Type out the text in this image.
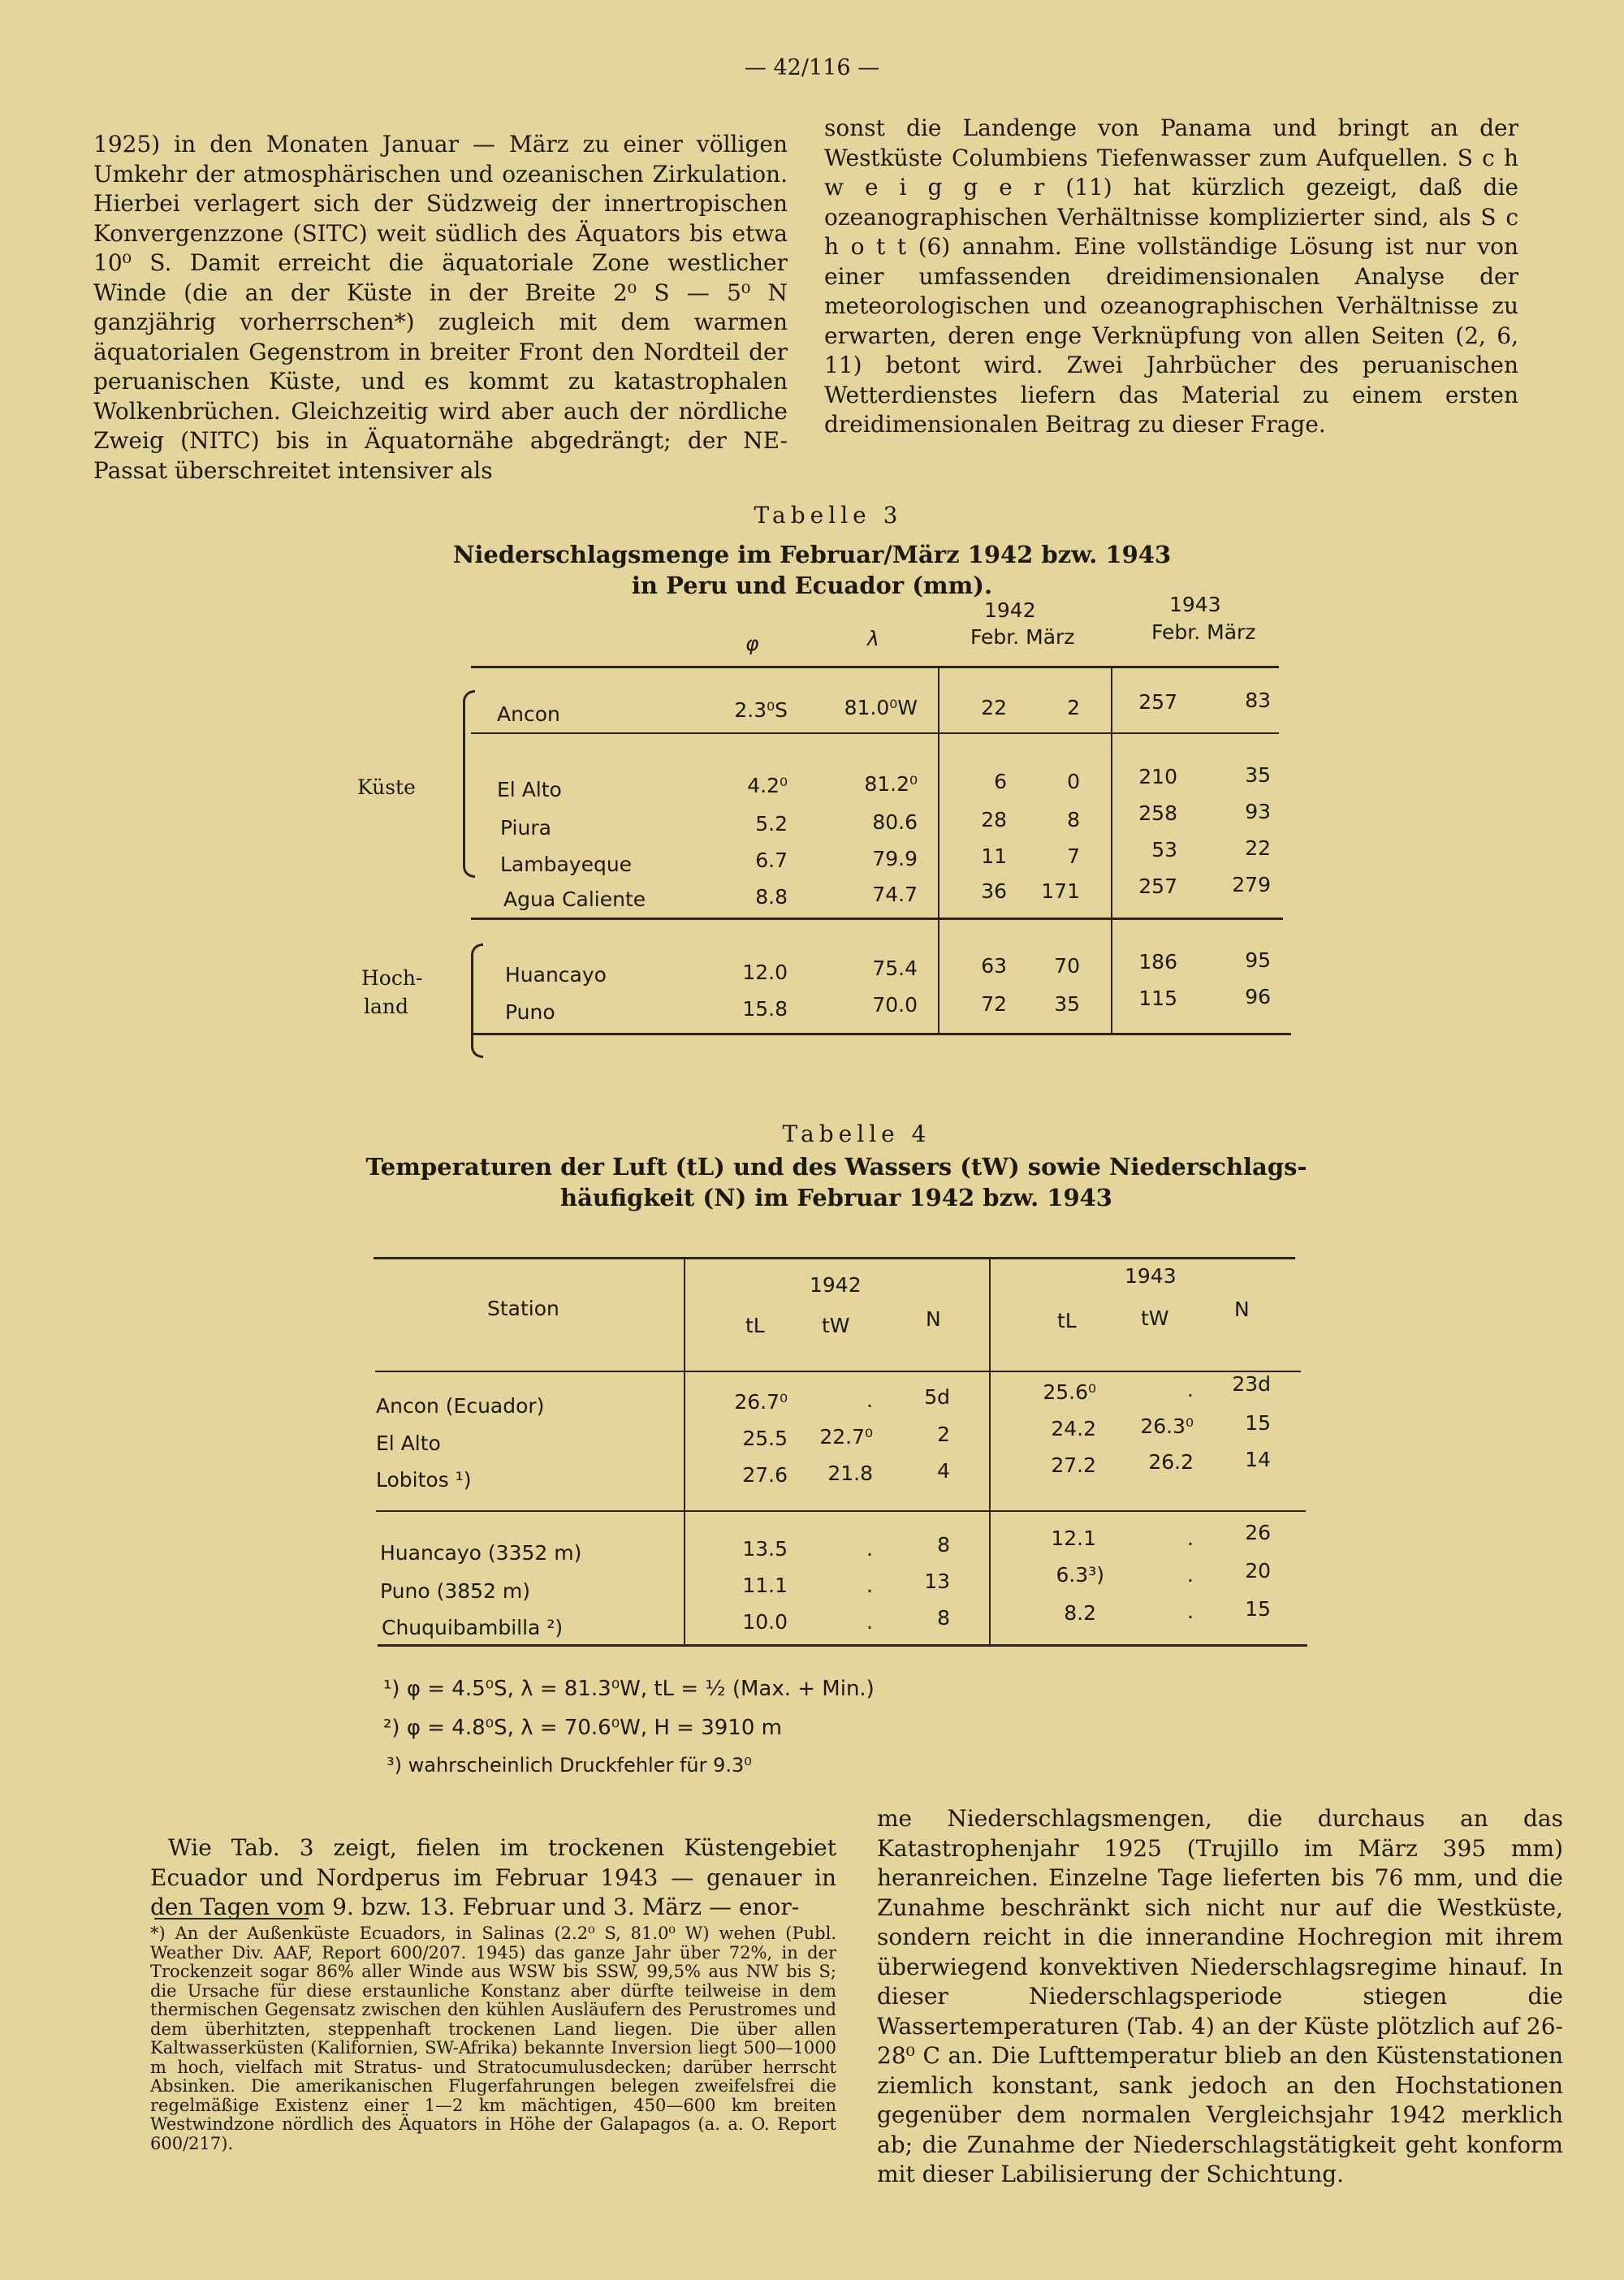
— 42/116 —

1925) in den Monaten Januar — März zu einer völligen Umkehr der atmosphärischen und ozeanischen Zirkulation. Hierbei verlagert sich der Südzweig der innertropischen Konvergenzzone (SITC) weit südlich des Äquators bis etwa 10⁰ S. Damit erreicht die äquatoriale Zone westlicher Winde (die an der Küste in der Breite 2⁰ S — 5⁰ N ganzjährig vorherrschen*) zugleich mit dem warmen äquatorialen Gegenstrom in breiter Front den Nordteil der peruanischen Küste, und es kommt zu katastrophalen Wolkenbrüchen. Gleichzeitig wird aber auch der nördliche Zweig (NITC) bis in Äquatornähe abgedrängt; der NE-Passat überschreitet intensiver als

sonst die Landenge von Panama und bringt an der Westküste Columbiens Tiefenwasser zum Aufquellen. S c h w e i g g e r (11) hat kürzlich gezeigt, daß die ozeanographischen Verhältnisse komplizierter sind, als S c h o t t (6) annahm. Eine vollständige Lösung ist nur von einer umfassenden dreidimensionalen Analyse der meteorologischen und ozeanographischen Verhältnisse zu erwarten, deren enge Verknüpfung von allen Seiten (2, 6, 11) betont wird. Zwei Jahrbücher des peruanischen Wetterdienstes liefern das Material zu einem ersten dreidimensionalen Beitrag zu dieser Frage.

Tabelle 3
Niederschlagsmenge im Februar/März 1942 bzw. 1943
in Peru und Ecuador (mm).
1942	1943
φ	λ	Febr. März	Febr. März
Küste
Hoch-
land
Ancon	2.3⁰S	81.0⁰W	22	2	257	83
El Alto	4.2⁰	81.2⁰	6	0	210	35
Piura	5.2	80.6	28	8	258	93
Lambayeque	6.7	79.9	11	7	53	22
Agua Caliente	8.8	74.7	36	171	257	279
Huancayo	12.0	75.4	63	70	186	95
Puno	15.8	70.0	72	35	115	96
Tabelle 4
Temperaturen der Luft (tL) und des Wassers (tW) sowie Niederschlags-
häufigkeit (N) im Februar 1942 bzw. 1943
Station
1942	1943
tL	tW	N	tL	tW	N
Ancon (Ecuador)	26.7⁰	.	5d	25.6⁰	.	23d
El Alto	25.5	22.7⁰	2	24.2	26.3⁰	15
Lobitos ¹)	27.6	21.8	4	27.2	26.2	14
Huancayo (3352 m)	13.5	.	8	12.1	.	26
Puno (3852 m)	11.1	.	13	6.3³)	.	20
Chuquibambilla ²)	10.0	.	8	8.2	.	15
¹) φ = 4.5⁰S, λ = 81.3⁰W, tL = ½ (Max. + Min.)
²) φ = 4.8⁰S, λ = 70.6⁰W, H = 3910 m
³) wahrscheinlich Druckfehler für 9.3⁰

Wie Tab. 3 zeigt, fielen im trockenen Küstengebiet Ecuador und Nordperus im Februar 1943 — genauer in den Tagen vom 9. bzw. 13. Februar und 3. März — enor-

*) An der Außenküste Ecuadors, in Salinas (2.2⁰ S, 81.0⁰ W) wehen (Publ. Weather Div. AAF, Report 600/207. 1945) das ganze Jahr über 72%, in der Trockenzeit sogar 86% aller Winde aus WSW bis SSW, 99,5% aus NW bis S; die Ursache für diese erstaunliche Konstanz aber dürfte teilweise in dem thermischen Gegensatz zwischen den kühlen Ausläufern des Perustromes und dem überhitzten, steppenhaft trockenen Land liegen. Die über allen Kaltwasserküsten (Kalifornien, SW-Afrika) bekannte Inversion liegt 500—1000 m hoch, vielfach mit Stratus- und Stratocumulusdecken; darüber herrscht Absinken. Die amerikanischen Flugerfahrungen belegen zweifelsfrei die regelmäßige Existenz einer 1—2 km mächtigen, 450—600 km breiten Westwindzone nördlich des Äquators in Höhe der Galapagos (a. a. O. Report 600/217).

me Niederschlagsmengen, die durchaus an das Katastrophenjahr 1925 (Trujillo im März 395 mm) heranreichen. Einzelne Tage lieferten bis 76 mm, und die Zunahme beschränkt sich nicht nur auf die Westküste, sondern reicht in die innerandine Hochregion mit ihrem überwiegend konvektiven Niederschlagsregime hinauf. In dieser Niederschlagsperiode stiegen die Wassertemperaturen (Tab. 4) an der Küste plötzlich auf 26-28⁰ C an. Die Lufttemperatur blieb an den Küstenstationen ziemlich konstant, sank jedoch an den Hochstationen gegenüber dem normalen Vergleichsjahr 1942 merklich ab; die Zunahme der Niederschlagstätigkeit geht konform mit dieser Labilisierung der Schichtung.
